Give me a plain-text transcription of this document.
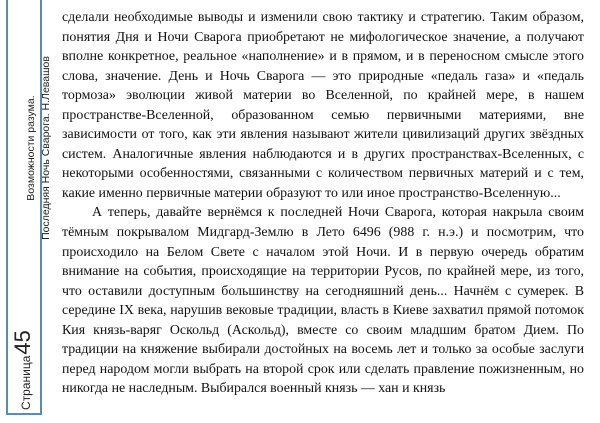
Возможности разума. Последняя Ночь Сварога. Н.Левашов
Страница
45

сделали необходимые выводы и изменили свою тактику и стратегию. Таким образом, понятия Дня и Ночи Сварога приобретают не мифологическое значение, а получают вполне конкретное, реальное «наполнение» и в прямом, и в переносном смысле этого слова, значение. День и Ночь Сварога — это природные «педаль газа» и «педаль тормоза» эволюции живой материи во Вселенной, по крайней мере, в нашем пространстве-Вселенной, образованном семью первичными материями, вне зависимости от того, как эти явления называют жители цивилизаций других звёздных систем. Аналогичные явления наблюдаются и в других пространствах-Вселенных, с некоторыми особенностями, связанными с количеством первичных материй и с тем, какие именно первичные материи образуют то или иное пространство-Вселенную...

А теперь, давайте вернёмся к последней Ночи Сварога, которая накрыла своим тёмным покрывалом Мидгард-Землю в Лето 6496 (988 г. н.э.) и посмотрим, что происходило на Белом Свете с началом этой Ночи. И в первую очередь обратим внимание на события, происходящие на территории Русов, по крайней мере, из того, что оставили доступным большинству на сегодняшний день... Начнём с сумерек. В середине IX века, нарушив вековые традиции, власть в Киеве захватил прямой потомок Кия князь-варяг Оскольд (Аскольд), вместе со своим младшим братом Дием. По традиции на княжение выбирали достойных на восемь лет и только за особые заслуги перед народом могли выбрать на второй срок или сделать правление пожизненным, но никогда не наследным. Выбирался военный князь — хан и князь
